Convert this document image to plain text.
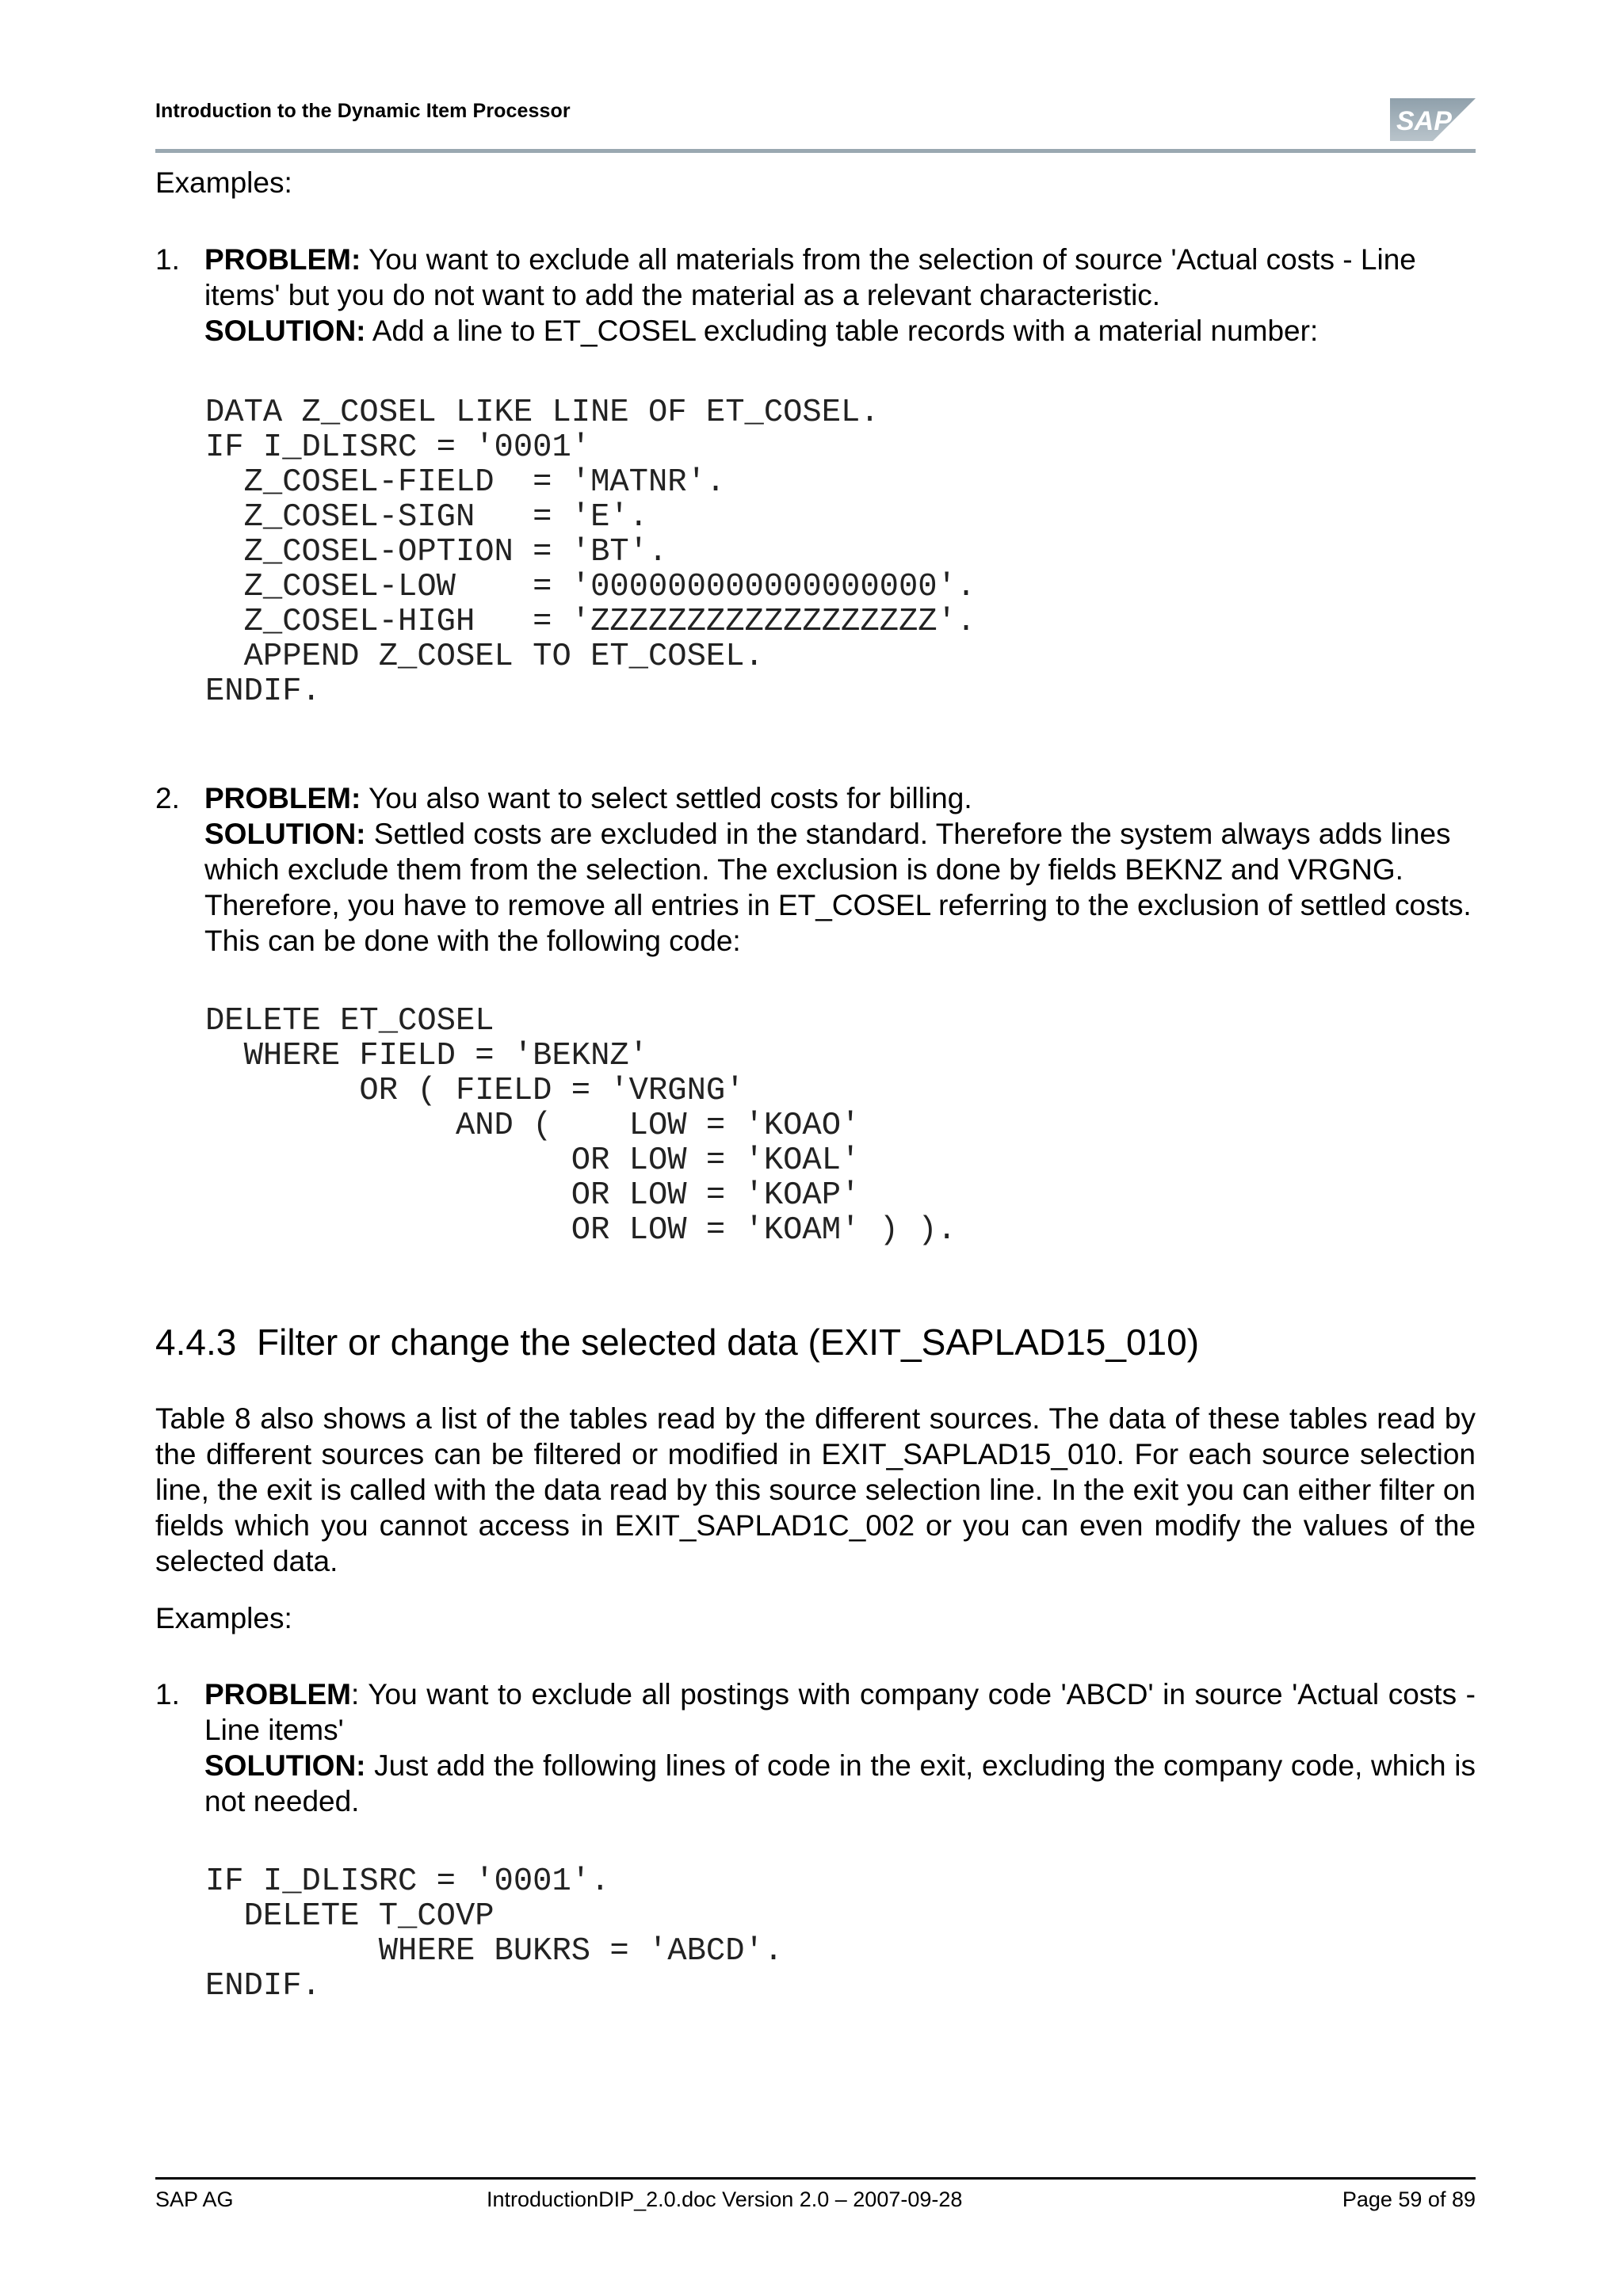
Introduction to the Dynamic Item Processor	SAP

Examples:

1. PROBLEM: You want to exclude all materials from the selection of source 'Actual costs - Line items' but you do not want to add the material as a relevant characteristic.

SOLUTION: Add a line to ET_COSEL excluding table records with a material number:

DATA Z_COSEL LIKE LINE OF ET_COSEL.
IF I_DLISRC = '0001'
Z_COSEL-FIELD  = 'MATNR'.
Z_COSEL-SIGN   = 'E'.
Z_COSEL-OPTION = 'BT'.
Z_COSEL-LOW    = '000000000000000000'.
Z_COSEL-HIGH   = 'ZZZZZZZZZZZZZZZZZZ'.
APPEND Z_COSEL TO ET_COSEL.
ENDIF.
2. PROBLEM: You also want to select settled costs for billing.

SOLUTION: Settled costs are excluded in the standard. Therefore the system always adds lines which exclude them from the selection. The exclusion is done by fields BEKNZ and VRGNG. Therefore, you have to remove all entries in ET_COSEL referring to the exclusion of settled costs. This can be done with the following code:

DELETE ET_COSEL
WHERE FIELD = 'BEKNZ'
OR ( FIELD = 'VRGNG'
AND (    LOW = 'KOAO'
OR LOW = 'KOAL'
OR LOW = 'KOAP'
OR LOW = 'KOAM' ) ).
4.4.3 Filter or change the selected data (EXIT_SAPLAD15_010)

Table 8 also shows a list of the tables read by the different sources. The data of these tables read by the different sources can be filtered or modified in EXIT_SAPLAD15_010. For each source selection line, the exit is called with the data read by this source selection line. In the exit you can either filter on fields which you cannot access in EXIT_SAPLAD1C_002 or you can even modify the values of the selected data.

Examples:

1. PROBLEM: You want to exclude all postings with company code 'ABCD' in source 'Actual costs - Line items'

SOLUTION: Just add the following lines of code in the exit, excluding the company code, which is not needed.

IF I_DLISRC = '0001'.
DELETE T_COVP
WHERE BUKRS = 'ABCD'.
ENDIF.
SAP AG	IntroductionDIP_2.0.doc Version 2.0 – 2007-09-28	Page 59 of 89
